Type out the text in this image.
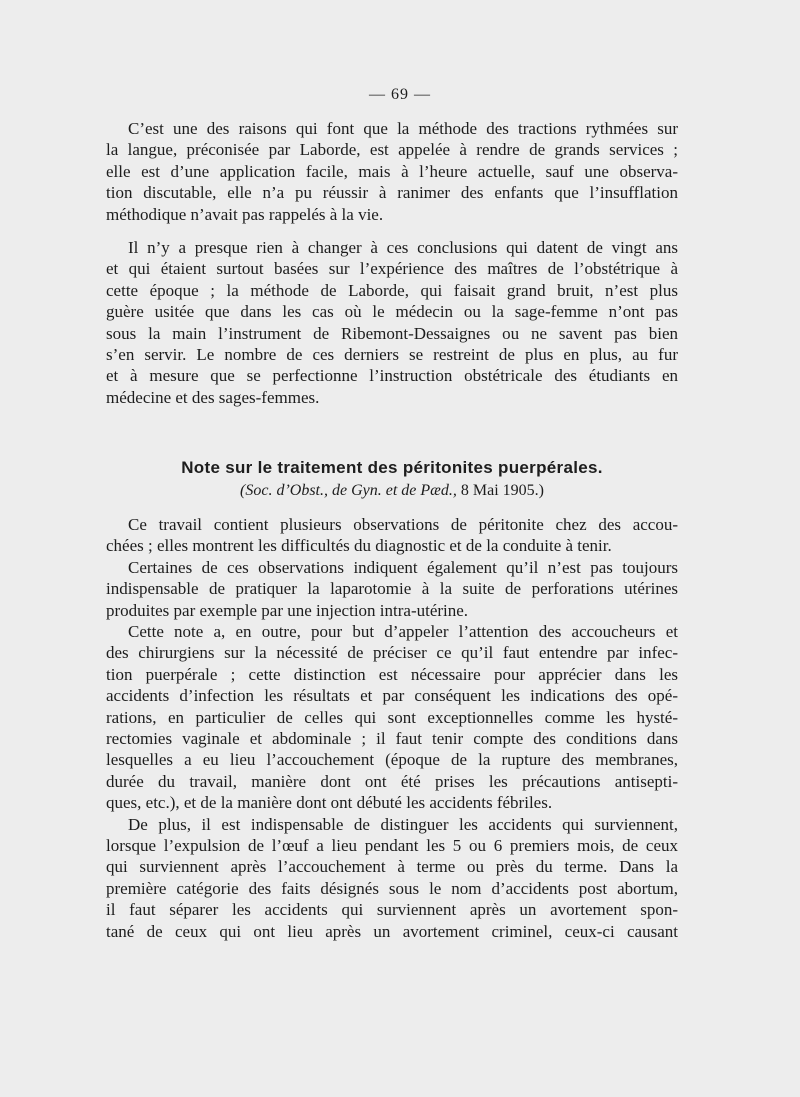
— 69 —
C’est une des raisons qui font que la méthode des tractions rythmées sur
la langue, préconisée par Laborde, est appelée à rendre de grands services ;
elle est d’une application facile, mais à l’heure actuelle, sauf une observa-
tion discutable, elle n’a pu réussir à ranimer des enfants que l’insufflation
méthodique n’avait pas rappelés à la vie.
Il n’y a presque rien à changer à ces conclusions qui datent de vingt ans
et qui étaient surtout basées sur l’expérience des maîtres de l’obstétrique à
cette époque ; la méthode de Laborde, qui faisait grand bruit, n’est plus
guère usitée que dans les cas où le médecin ou la sage-femme n’ont pas
sous la main l’instrument de Ribemont-Dessaignes ou ne savent pas bien
s’en servir. Le nombre de ces derniers se restreint de plus en plus, au fur
et à mesure que se perfectionne l’instruction obstétricale des étudiants en
médecine et des sages-femmes.
Note sur le traitement des péritonites puerpérales.
(Soc. d’Obst., de Gyn. et de Pæd., 8 Mai 1905.)
Ce travail contient plusieurs observations de péritonite chez des accou-
chées ; elles montrent les difficultés du diagnostic et de la conduite à tenir.
Certaines de ces observations indiquent également qu’il n’est pas toujours
indispensable de pratiquer la laparotomie à la suite de perforations utérines
produites par exemple par une injection intra-utérine.
Cette note a, en outre, pour but d’appeler l’attention des accoucheurs et
des chirurgiens sur la nécessité de préciser ce qu’il faut entendre par infec-
tion puerpérale ; cette distinction est nécessaire pour apprécier dans les
accidents d’infection les résultats et par conséquent les indications des opé-
rations, en particulier de celles qui sont exceptionnelles comme les hysté-
rectomies vaginale et abdominale ; il faut tenir compte des conditions dans
lesquelles a eu lieu l’accouchement (époque de la rupture des membranes,
durée du travail, manière dont ont été prises les précautions antisepti-
ques, etc.), et de la manière dont ont débuté les accidents fébriles.
De plus, il est indispensable de distinguer les accidents qui surviennent,
lorsque l’expulsion de l’œuf a lieu pendant les 5 ou 6 premiers mois, de ceux
qui surviennent après l’accouchement à terme ou près du terme. Dans la
première catégorie des faits désignés sous le nom d’accidents post abortum,
il faut séparer les accidents qui surviennent après un avortement spon-
tané de ceux qui ont lieu après un avortement criminel, ceux-ci causant
